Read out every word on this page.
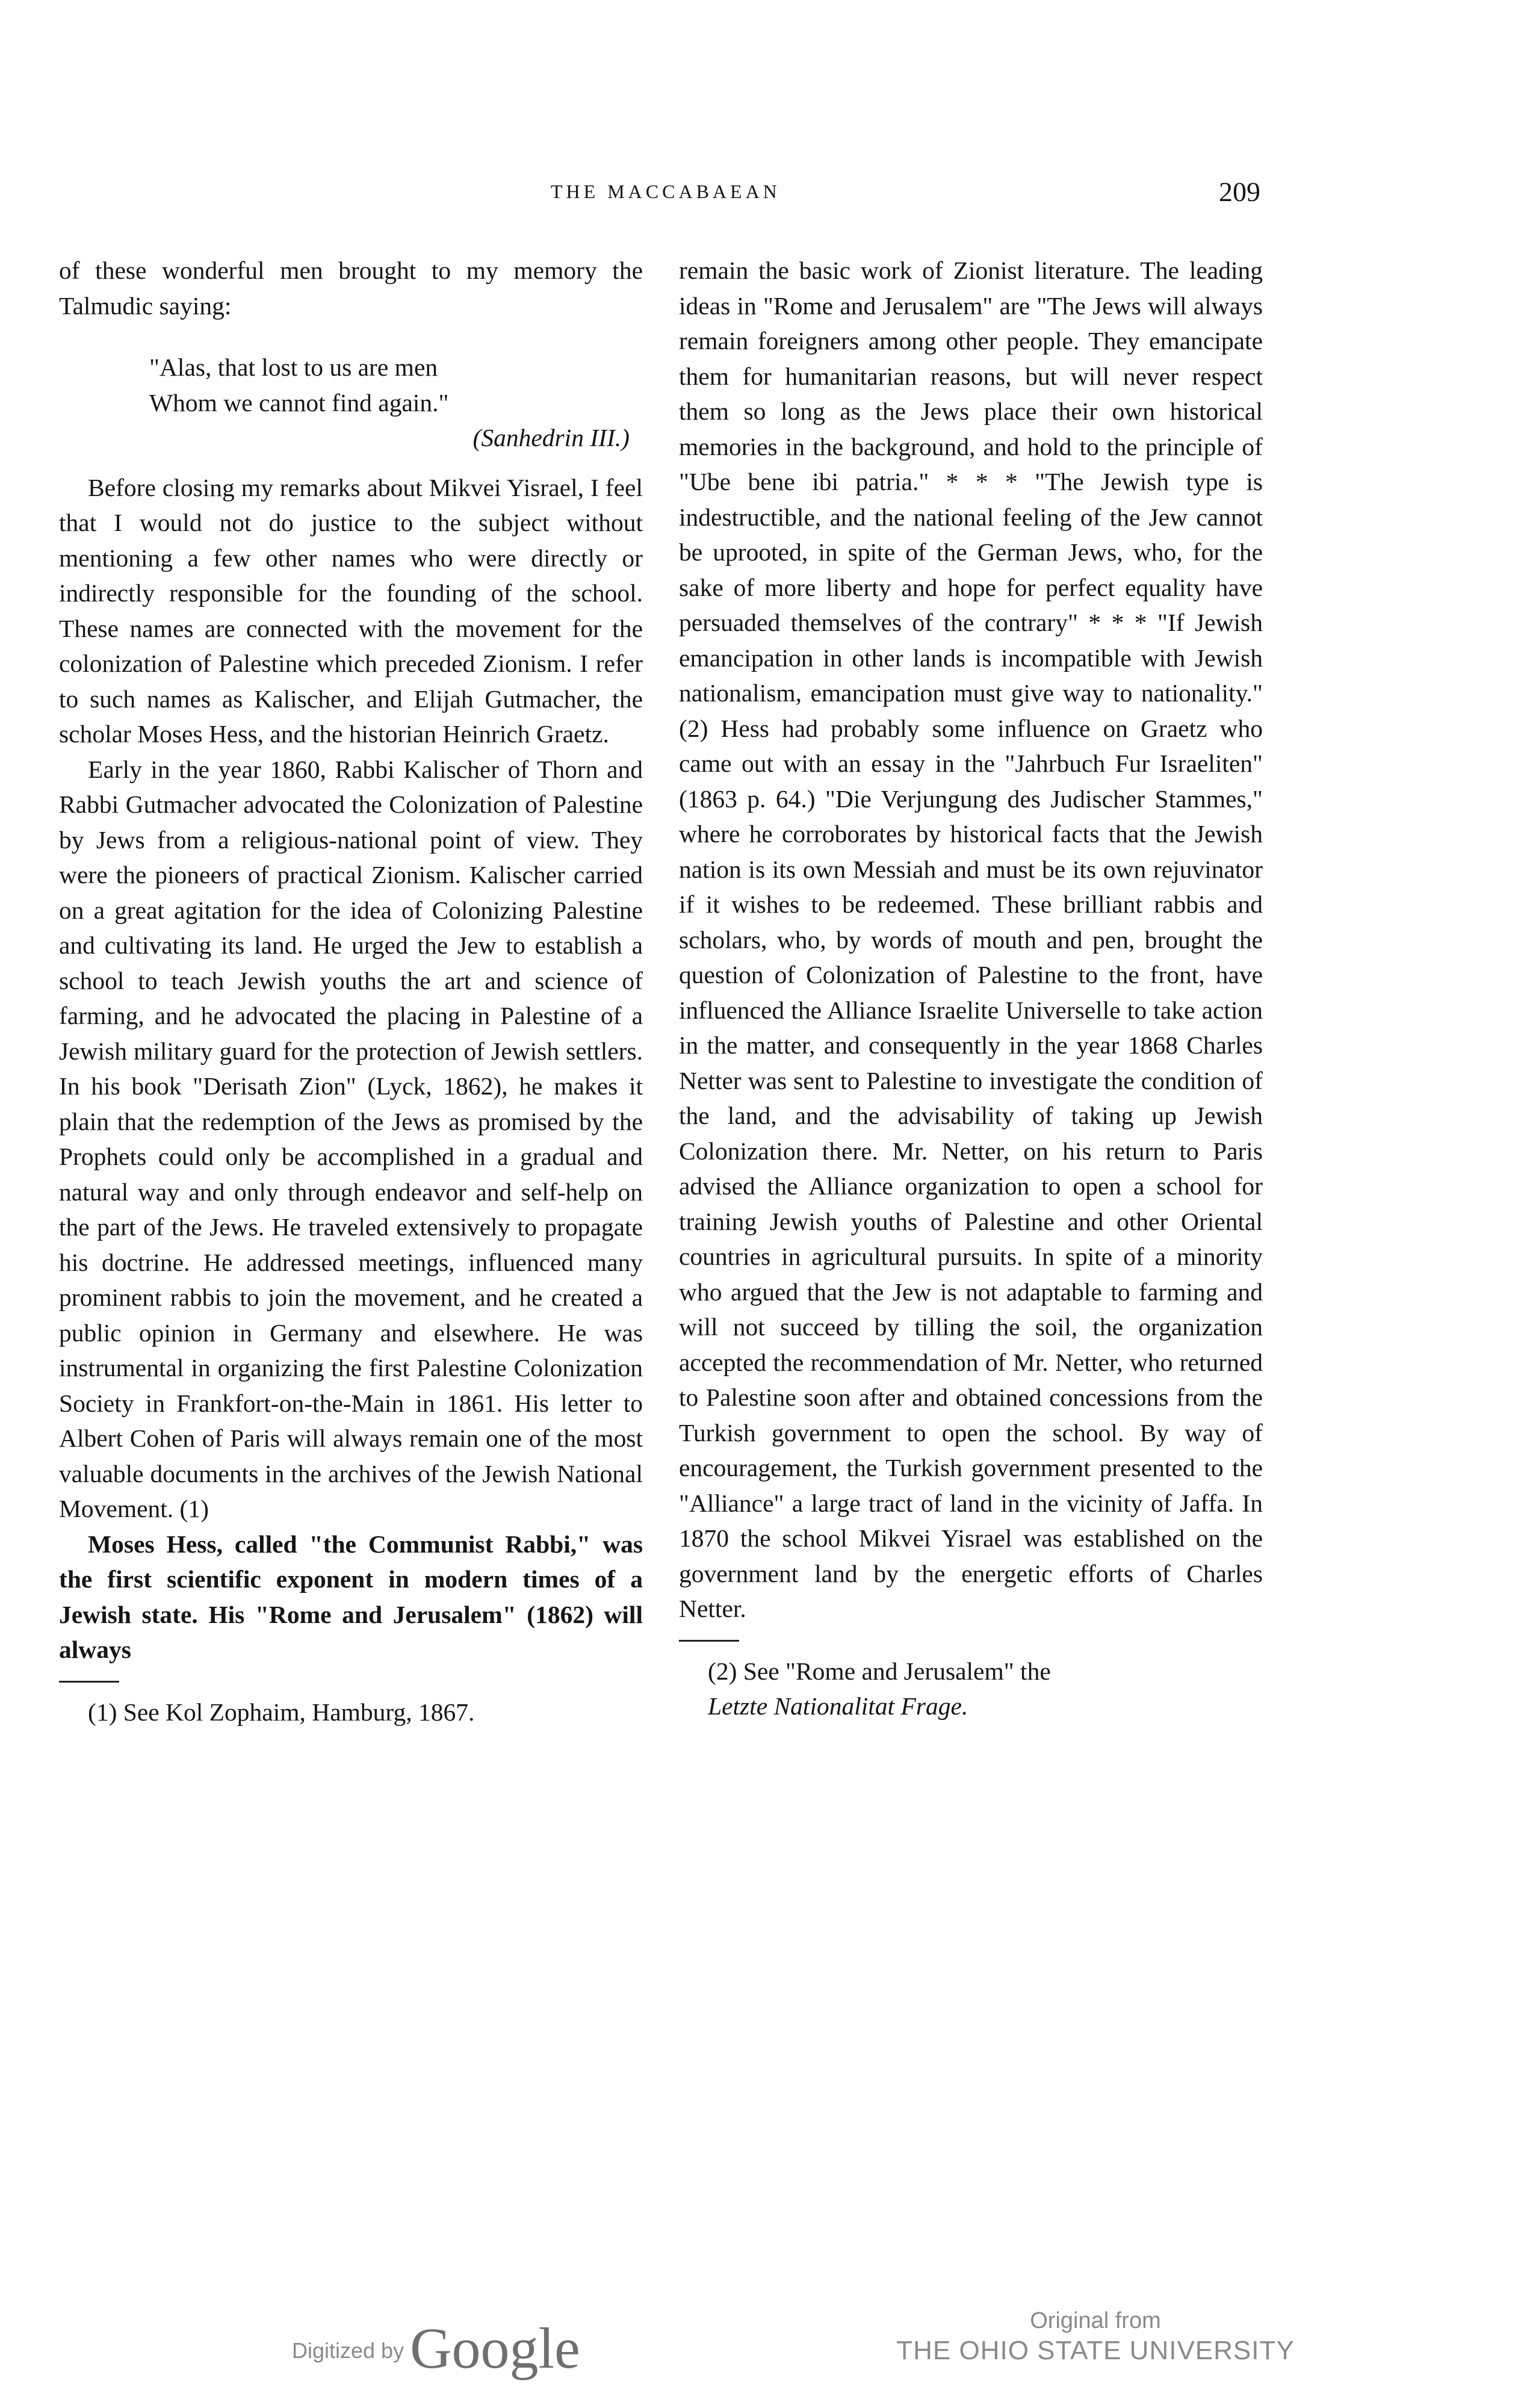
THE MACCABAEAN	209

of these wonderful men brought to my memory the Talmudic saying:

"Alas, that lost to us are men
Whom we cannot find again."
(Sanhedrin III.)

Before closing my remarks about Mikvei Yisrael, I feel that I would not do justice to the subject without mentioning a few other names who were directly or indirectly responsible for the founding of the school. These names are connected with the movement for the colonization of Palestine which preceded Zionism. I refer to such names as Kalischer, and Elijah Gutmacher, the scholar Moses Hess, and the historian Heinrich Graetz.

Early in the year 1860, Rabbi Kalischer of Thorn and Rabbi Gutmacher advocated the Colonization of Palestine by Jews from a religious-national point of view. They were the pioneers of practical Zionism. Kalischer carried on a great agitation for the idea of Colonizing Palestine and cultivating its land. He urged the Jew to establish a school to teach Jewish youths the art and science of farming, and he advocated the placing in Palestine of a Jewish military guard for the protection of Jewish settlers. In his book "Derisath Zion" (Lyck, 1862), he makes it plain that the redemption of the Jews as promised by the Prophets could only be accomplished in a gradual and natural way and only through endeavor and self-help on the part of the Jews. He traveled extensively to propagate his doctrine. He addressed meetings, influenced many prominent rabbis to join the movement, and he created a public opinion in Germany and elsewhere. He was instrumental in organizing the first Palestine Colonization Society in Frankfort-on-the-Main in 1861. His letter to Albert Cohen of Paris will always remain one of the most valuable documents in the archives of the Jewish National Movement. (1)

Moses Hess, called "the Communist Rabbi," was the first scientific exponent in modern times of a Jewish state. His "Rome and Jerusalem" (1862) will always

(1) See Kol Zophaim, Hamburg, 1867.

remain the basic work of Zionist literature. The leading ideas in "Rome and Jerusalem" are "The Jews will always remain foreigners among other people. They emancipate them for humanitarian reasons, but will never respect them so long as the Jews place their own historical memories in the background, and hold to the principle of "Ube bene ibi patria." * * * "The Jewish type is indestructible, and the national feeling of the Jew cannot be uprooted, in spite of the German Jews, who, for the sake of more liberty and hope for perfect equality have persuaded themselves of the contrary" * * * "If Jewish emancipation in other lands is incompatible with Jewish nationalism, emancipation must give way to nationality." (2) Hess had probably some influence on Graetz who came out with an essay in the "Jahrbuch Fur Israeliten" (1863 p. 64.) "Die Verjungung des Judischer Stammes," where he corroborates by historical facts that the Jewish nation is its own Messiah and must be its own rejuvinator if it wishes to be redeemed. These brilliant rabbis and scholars, who, by words of mouth and pen, brought the question of Colonization of Palestine to the front, have influenced the Alliance Israelite Universelle to take action in the matter, and consequently in the year 1868 Charles Netter was sent to Palestine to investigate the condition of the land, and the advisability of taking up Jewish Colonization there. Mr. Netter, on his return to Paris advised the Alliance organization to open a school for training Jewish youths of Palestine and other Oriental countries in agricultural pursuits. In spite of a minority who argued that the Jew is not adaptable to farming and will not succeed by tilling the soil, the organization accepted the recommendation of Mr. Netter, who returned to Palestine soon after and obtained concessions from the Turkish government to open the school. By way of encouragement, the Turkish government presented to the "Alliance" a large tract of land in the vicinity of Jaffa. In 1870 the school Mikvei Yisrael was established on the government land by the energetic efforts of Charles Netter.

(2) See "Rome and Jerusalem" the
Letzte Nationalitat Frage.

Digitized by Google	Original from
THE OHIO STATE UNIVERSITY
